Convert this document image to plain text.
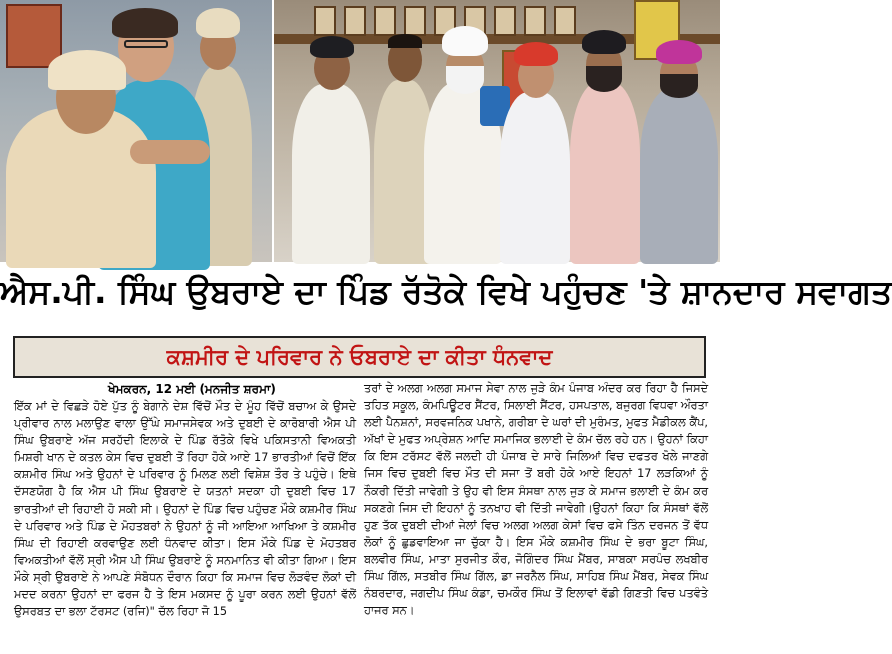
ਐਸ.ਪੀ. ਸਿੰਘ ਉਬਰਾਏ ਦਾ ਪਿੰਡ ਰੱਤੋਕੇ ਵਿਖੇ ਪਹੁੰਚਣ 'ਤੇ ਸ਼ਾਨਦਾਰ ਸਵਾਗਤ
ਕਸ਼ਮੀਰ ਦੇ ਪਰਿਵਾਰ ਨੇ ਓਬਰਾਏ ਦਾ ਕੀਤਾ ਧੰਨਵਾਦ
ਖੇਮਕਰਨ, 12 ਮਈ (ਮਨਜੀਤ ਸ਼ਰਮਾ)

ਇੱਕ ਮਾਂ ਦੇ ਵਿਛੜੇ ਹੋਏ ਪੁੱਤ ਨੂੰ ਬੇਗਾਨੇ ਦੇਸ਼ ਵਿੱਚੋਂ ਮੌਤ ਦੇ ਮੂੰਹ ਵਿੱਚੋਂ ਬਚਾਅ ਕੇ ਉਸਦੇ ਪ੍ਰੀਵਾਰ ਨਾਲ ਮਲਾਉਣ ਵਾਲਾ ਉੱਘੇ ਸਮਾਜਸੇਵਕ ਅਤੇ ਦੁਬਈ ਦੇ ਕਾਰੋਬਾਰੀ ਐਸ ਪੀ ਸਿੰਘ ਉਬਰਾਏ ਅੱਜ ਸਰਹੱਦੀ ਇਲਾਕੇ ਦੇ ਪਿੰਡ ਰੱਤੋਕੇ ਵਿਖੇ ਪਕਿਸਤਾਨੀ ਵਿਅਕਤੀ ਮਿਸ਼ਰੀ ਖਾਨ ਦੇ ਕਤਲ ਕੇਸ ਵਿਚ ਦੁਬਈ ਤੋਂ ਰਿਹਾ ਹੋਕੇ ਆਏ 17 ਭਾਰਤੀਆਂ ਵਿਚੋਂ ਇੱਕ ਕਸ਼ਮੀਰ ਸਿੰਘ ਅਤੇ ਉਹਨਾਂ ਦੇ ਪਰਿਵਾਰ ਨੂੰ ਮਿਲਣ ਲਈ ਵਿਸ਼ੇਸ਼ ਤੌਰ ਤੇ ਪਹੁੰਚੇ। ਇਥੇ ਦੱਸਣਯੋਗ ਹੈ ਕਿ ਐਸ ਪੀ ਸਿੰਘ ਉਬਰਾਏ ਦੇ ਯਤਨਾਂ ਸਦਕਾ ਹੀ ਦੁਬਈ ਵਿਚ 17 ਭਾਰਤੀਆਂ ਦੀ ਰਿਹਾਈ ਹੋ ਸਕੀ ਸੀ। ਉਹਨਾਂ ਦੇ ਪਿੰਡ ਵਿਚ ਪਹੁੰਚਣ ਮੌਕੇ ਕਸ਼ਮੀਰ ਸਿੰਘ ਦੇ ਪਰਿਵਾਰ ਅਤੇ ਪਿੰਡ ਦੇ ਮੋਹਤਬਰਾਂ ਨੇ ਉਹਨਾਂ ਨੂੰ ਜੀ ਆਇਆ ਆਖਿਆ ਤੇ ਕਸ਼ਮੀਰ ਸਿੰਘ ਦੀ ਰਿਹਾਈ ਕਰਵਾਉਣ ਲਈ ਧੰਨਵਾਦ ਕੀਤਾ। ਇਸ ਮੌਕੇ ਪਿੰਡ ਦੇ ਮੋਹਤਬਰ ਵਿਅਕਤੀਆਂ ਵੱਲੋਂ ਸ੍ਰੀ ਐਸ ਪੀ ਸਿੰਘ ਉਬਰਾਏ ਨੂੰ ਸਨਮਾਨਿਤ ਵੀ ਕੀਤਾ ਗਿਆ। ਇਸ ਮੌਕੇ ਸ੍ਰੀ ਉਬਰਾਏ ਨੇ ਆਪਣੇ ਸੰਬੋਧਨ ਦੌਰਾਨ ਕਿਹਾ ਕਿ ਸਮਾਜ ਵਿਚ ਲੋੜਵੰਦ ਲੋਕਾਂ ਦੀ ਮਦਦ ਕਰਨਾ ਉਹਨਾਂ ਦਾ ਫਰਜ ਹੈ ਤੇ ਇਸ ਮਕਸਦ ਨੂੰ ਪੂਰਾ ਕਰਨ ਲਈ ਉਹਨਾਂ ਵੱਲੋਂ ਉਸਰਬਤ ਦਾ ਭਲਾ ਟੱਰਸਟ (ਰਜਿ)" ਚੱਲ ਰਿਹਾ ਜੋ 15

ਤਰਾਂ ਦੇ ਅਲਗ ਅਲਗ ਸਮਾਜ ਸੇਵਾ ਨਾਲ ਜੁੜੇ ਕੰਮ ਪੰਜਾਬ ਅੰਦਰ ਕਰ ਰਿਹਾ ਹੈ ਜਿਸਦੇ ਤਹਿਤ ਸਕੂਲ, ਕੰਮਪਿਊਟਰ ਸੈਂਟਰ, ਸਿਲਾਈ ਸੈਂਟਰ, ਹਸਪਤਾਲ, ਬਜੁਰਗ ਵਿਧਵਾ ਔਰਤਾ ਲਈ ਪੈਨਸ਼ਨਾਂ, ਸਰਵਜਨਿਕ ਪਖਾਨੇ, ਗਰੀਬਾ ਦੇ ਘਰਾਂ ਦੀ ਮੁਰੰਮਤ, ਮੁਫਤ ਮੈਡੀਕਲ ਕੈਂਪ, ਅੱਖਾਂ ਦੇ ਮੁਫਤ ਅਪ੍ਰੇਸ਼ਨ ਆਦਿ ਸਮਾਜਿਕ ਭਲਾਈ ਦੇ ਕੰਮ ਚੱਲ ਰਹੇ ਹਨ। ਉਹਨਾਂ ਕਿਹਾ ਕਿ ਇਸ ਟਰੱਸਟ ਵੱਲੋਂ ਜਲਦੀ ਹੀ ਪੰਜਾਬ ਦੇ ਸਾਰੇ ਜਿਲਿਆਂ ਵਿਚ ਦਫਤਰ ਖੋਲੇ ਜਾਣਗੇ ਜਿਸ ਵਿਚ ਦੁਬਈ ਵਿਚ ਮੌਤ ਦੀ ਸਜਾ ਤੋਂ ਬਰੀ ਹੋਕੇ ਆਏ ਇਹਨਾਂ 17 ਲੜਕਿਆਂ ਨੂੰ ਨੌਕਰੀ ਦਿੱਤੀ ਜਾਵੇਗੀ ਤੇ ਉਹ ਵੀ ਇਸ ਸੰਸਥਾ ਨਾਲ ਜੁੜ ਕੇ ਸਮਾਜ ਭਲਾਈ ਦੇ ਕੰਮ ਕਰ ਸਕਣਗੇ ਜਿਸ ਦੀ ਇਹਨਾਂ ਨੂੰ ਤਨਖਾਹ ਵੀ ਦਿੱਤੀ ਜਾਵੇਗੀ।ਉਹਨਾਂ ਕਿਹਾ ਕਿ ਸੰਸਥਾਂ ਵੱਲੋਂ ਹੁਣ ਤੱਕ ਦੁਬਈ ਦੀਆਂ ਜੇਲਾਂ ਵਿਚ ਅਲਗ ਅਲਗ ਕੇਸਾਂ ਵਿਚ ਫਸੇ ਤਿੰਨ ਦਰਜਨ ਤੋਂ ਵੱਧ ਲੋਕਾਂ ਨੂੰ ਛੁਡਵਾਇਆ ਜਾ ਚੁੱਕਾ ਹੈ। ਇਸ ਮੌਕੇ ਕਸ਼ਮੀਰ ਸਿੰਘ ਦੇ ਭਰਾ ਬੂਟਾ ਸਿੰਘ, ਬਲਵੀਰ ਸਿੰਘ, ਮਾਤਾ ਸੁਰਜੀਤ ਕੌਰ, ਜੋਗਿੰਦਰ ਸਿੰਘ ਮੈਂਬਰ, ਸਾਬਕਾ ਸਰਪੰਚ ਲਖਬੀਰ ਸਿੰਘ ਗਿੱਲ, ਸਤਬੀਰ ਸਿੰਘ ਗਿੱਲ, ਡਾ ਜਰਨੈਲ ਸਿੰਘ, ਸਾਹਿਬ ਸਿੰਘ ਮੈਂਬਰ, ਸੇਵਕ ਸਿੰਘ ਨੰਬਰਦਾਰ, ਜਗਦੀਪ ਸਿੰਘ ਕੰਡਾ, ਚਮਕੌਰ ਸਿੰਘ ਤੋਂ ਇਲਾਵਾਂ ਵੱਡੀ ਗਿਣਤੀ ਵਿਚ ਪਤਵੰਤੇ ਹਾਜਰ ਸਨ।
